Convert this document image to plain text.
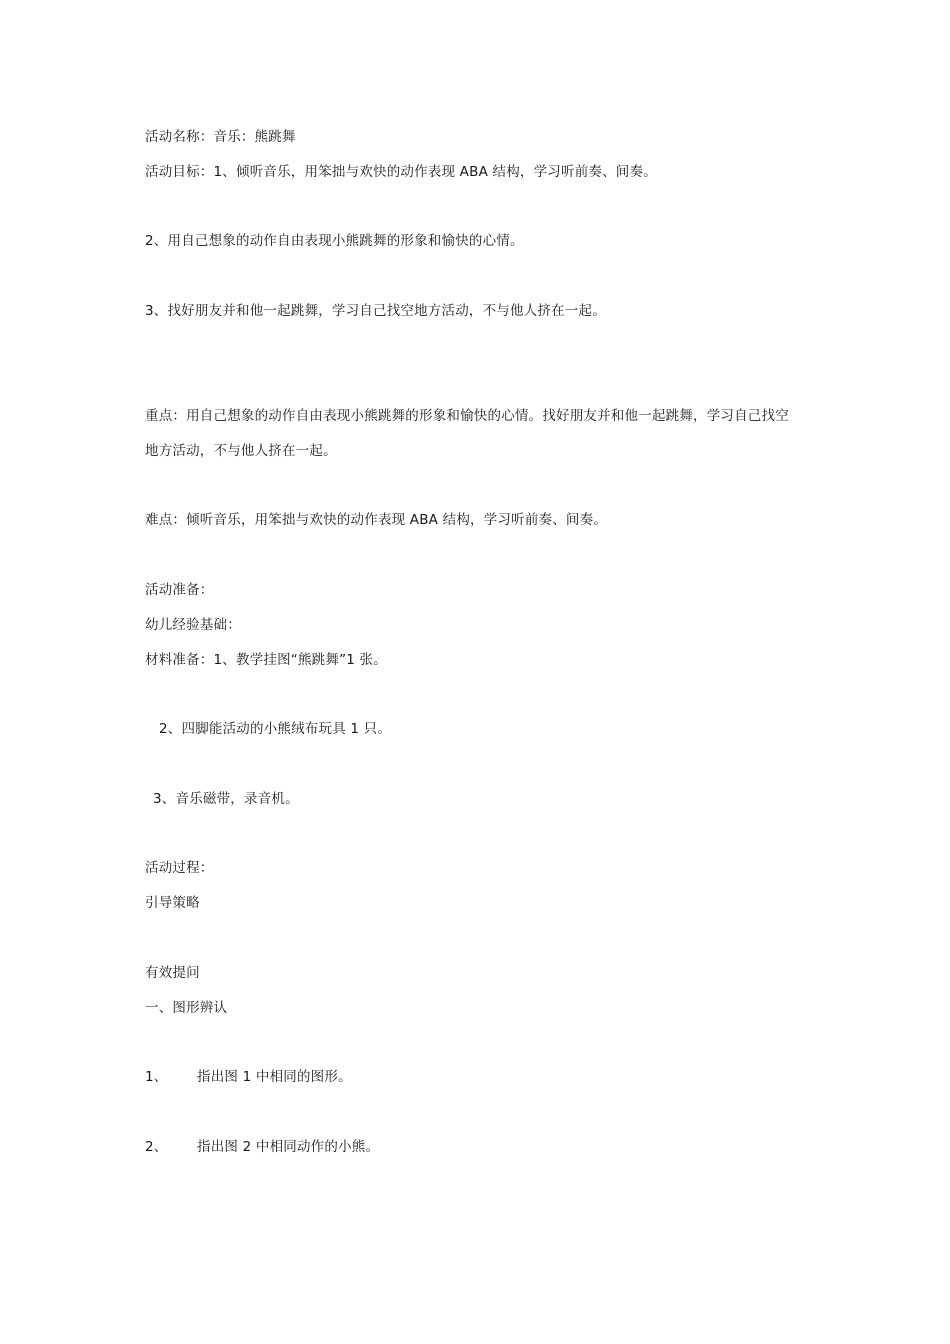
活动名称：音乐：熊跳舞
活动目标：1、倾听音乐，用笨拙与欢快的动作表现 ABA 结构，学习听前奏、间奏。
2、用自己想象的动作自由表现小熊跳舞的形象和愉快的心情。
3、找好朋友并和他一起跳舞，学习自己找空地方活动，不与他人挤在一起。
重点：用自己想象的动作自由表现小熊跳舞的形象和愉快的心情。找好朋友并和他一起跳舞，学习自己找空
地方活动，不与他人挤在一起。
难点：倾听音乐，用笨拙与欢快的动作表现 ABA 结构，学习听前奏、间奏。
活动准备：
幼儿经验基础：
材料准备：1、教学挂图“熊跳舞”1 张。
2、四脚能活动的小熊绒布玩具 1 只。
3、音乐磁带，录音机。
活动过程：
引导策略
有效提问
一、图形辨认
1、 指出图 1 中相同的图形。
2、 指出图 2 中相同动作的小熊。
